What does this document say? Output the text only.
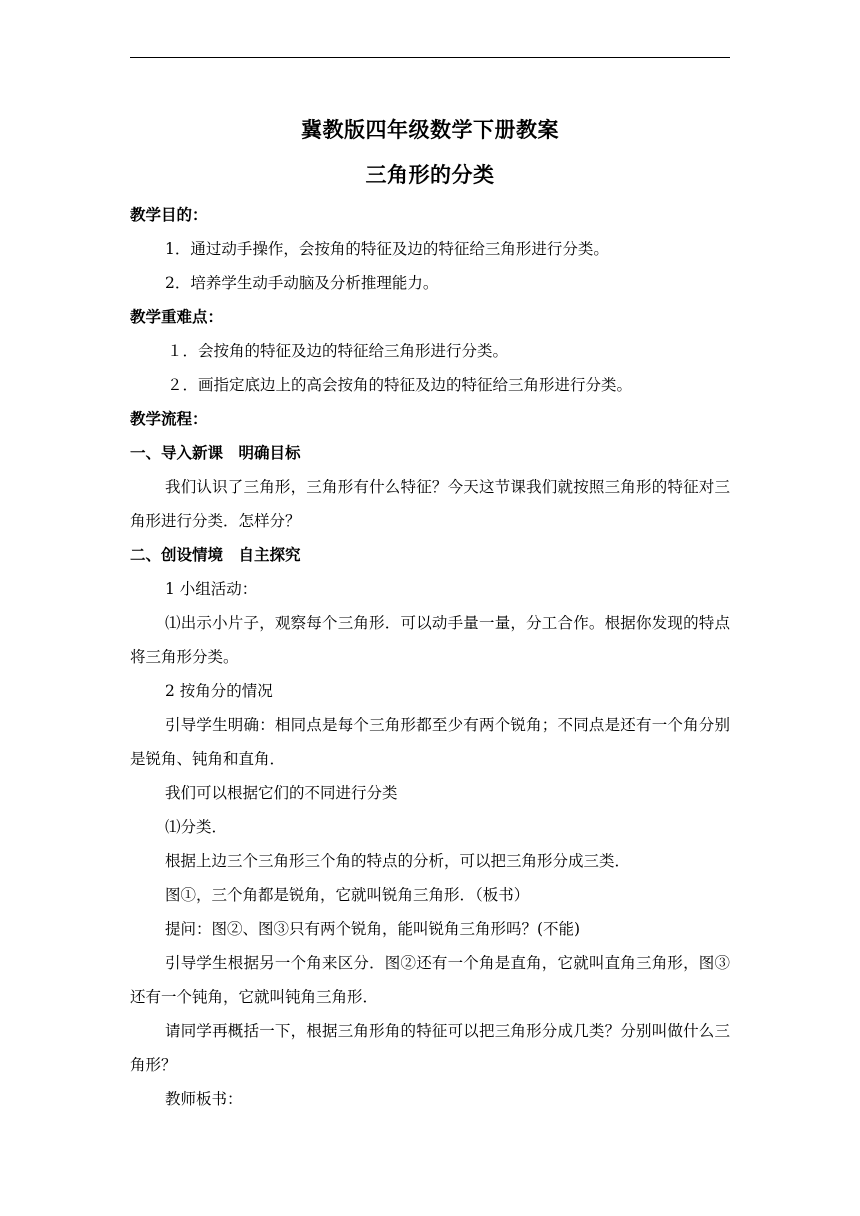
冀教版四年级数学下册教案
三角形的分类

教学目的：

1．通过动手操作，会按角的特征及边的特征给三角形进行分类。

2．培养学生动手动脑及分析推理能力。

教学重难点：

１．会按角的特征及边的特征给三角形进行分类。

２．画指定底边上的高会按角的特征及边的特征给三角形进行分类。

教学流程：

一、导入新课　明确目标

我们认识了三角形，三角形有什么特征？今天这节课我们就按照三角形的特征对三角形进行分类．怎样分？

二、创设情境　自主探究

1 小组活动：

⑴出示小片子，观察每个三角形．可以动手量一量，分工合作。根据你发现的特点将三角形分类。

2 按角分的情况

引导学生明确：相同点是每个三角形都至少有两个锐角；不同点是还有一个角分别是锐角、钝角和直角．

我们可以根据它们的不同进行分类

⑴分类．

根据上边三个三角形三个角的特点的分析，可以把三角形分成三类．

图①，三个角都是锐角，它就叫锐角三角形．（板书）

提问：图②、图③只有两个锐角，能叫锐角三角形吗？(不能)

引导学生根据另一个角来区分．图②还有一个角是直角，它就叫直角三角形，图③还有一个钝角，它就叫钝角三角形．

请同学再概括一下，根据三角形角的特征可以把三角形分成几类？分别叫做什么三角形？

教师板书：
